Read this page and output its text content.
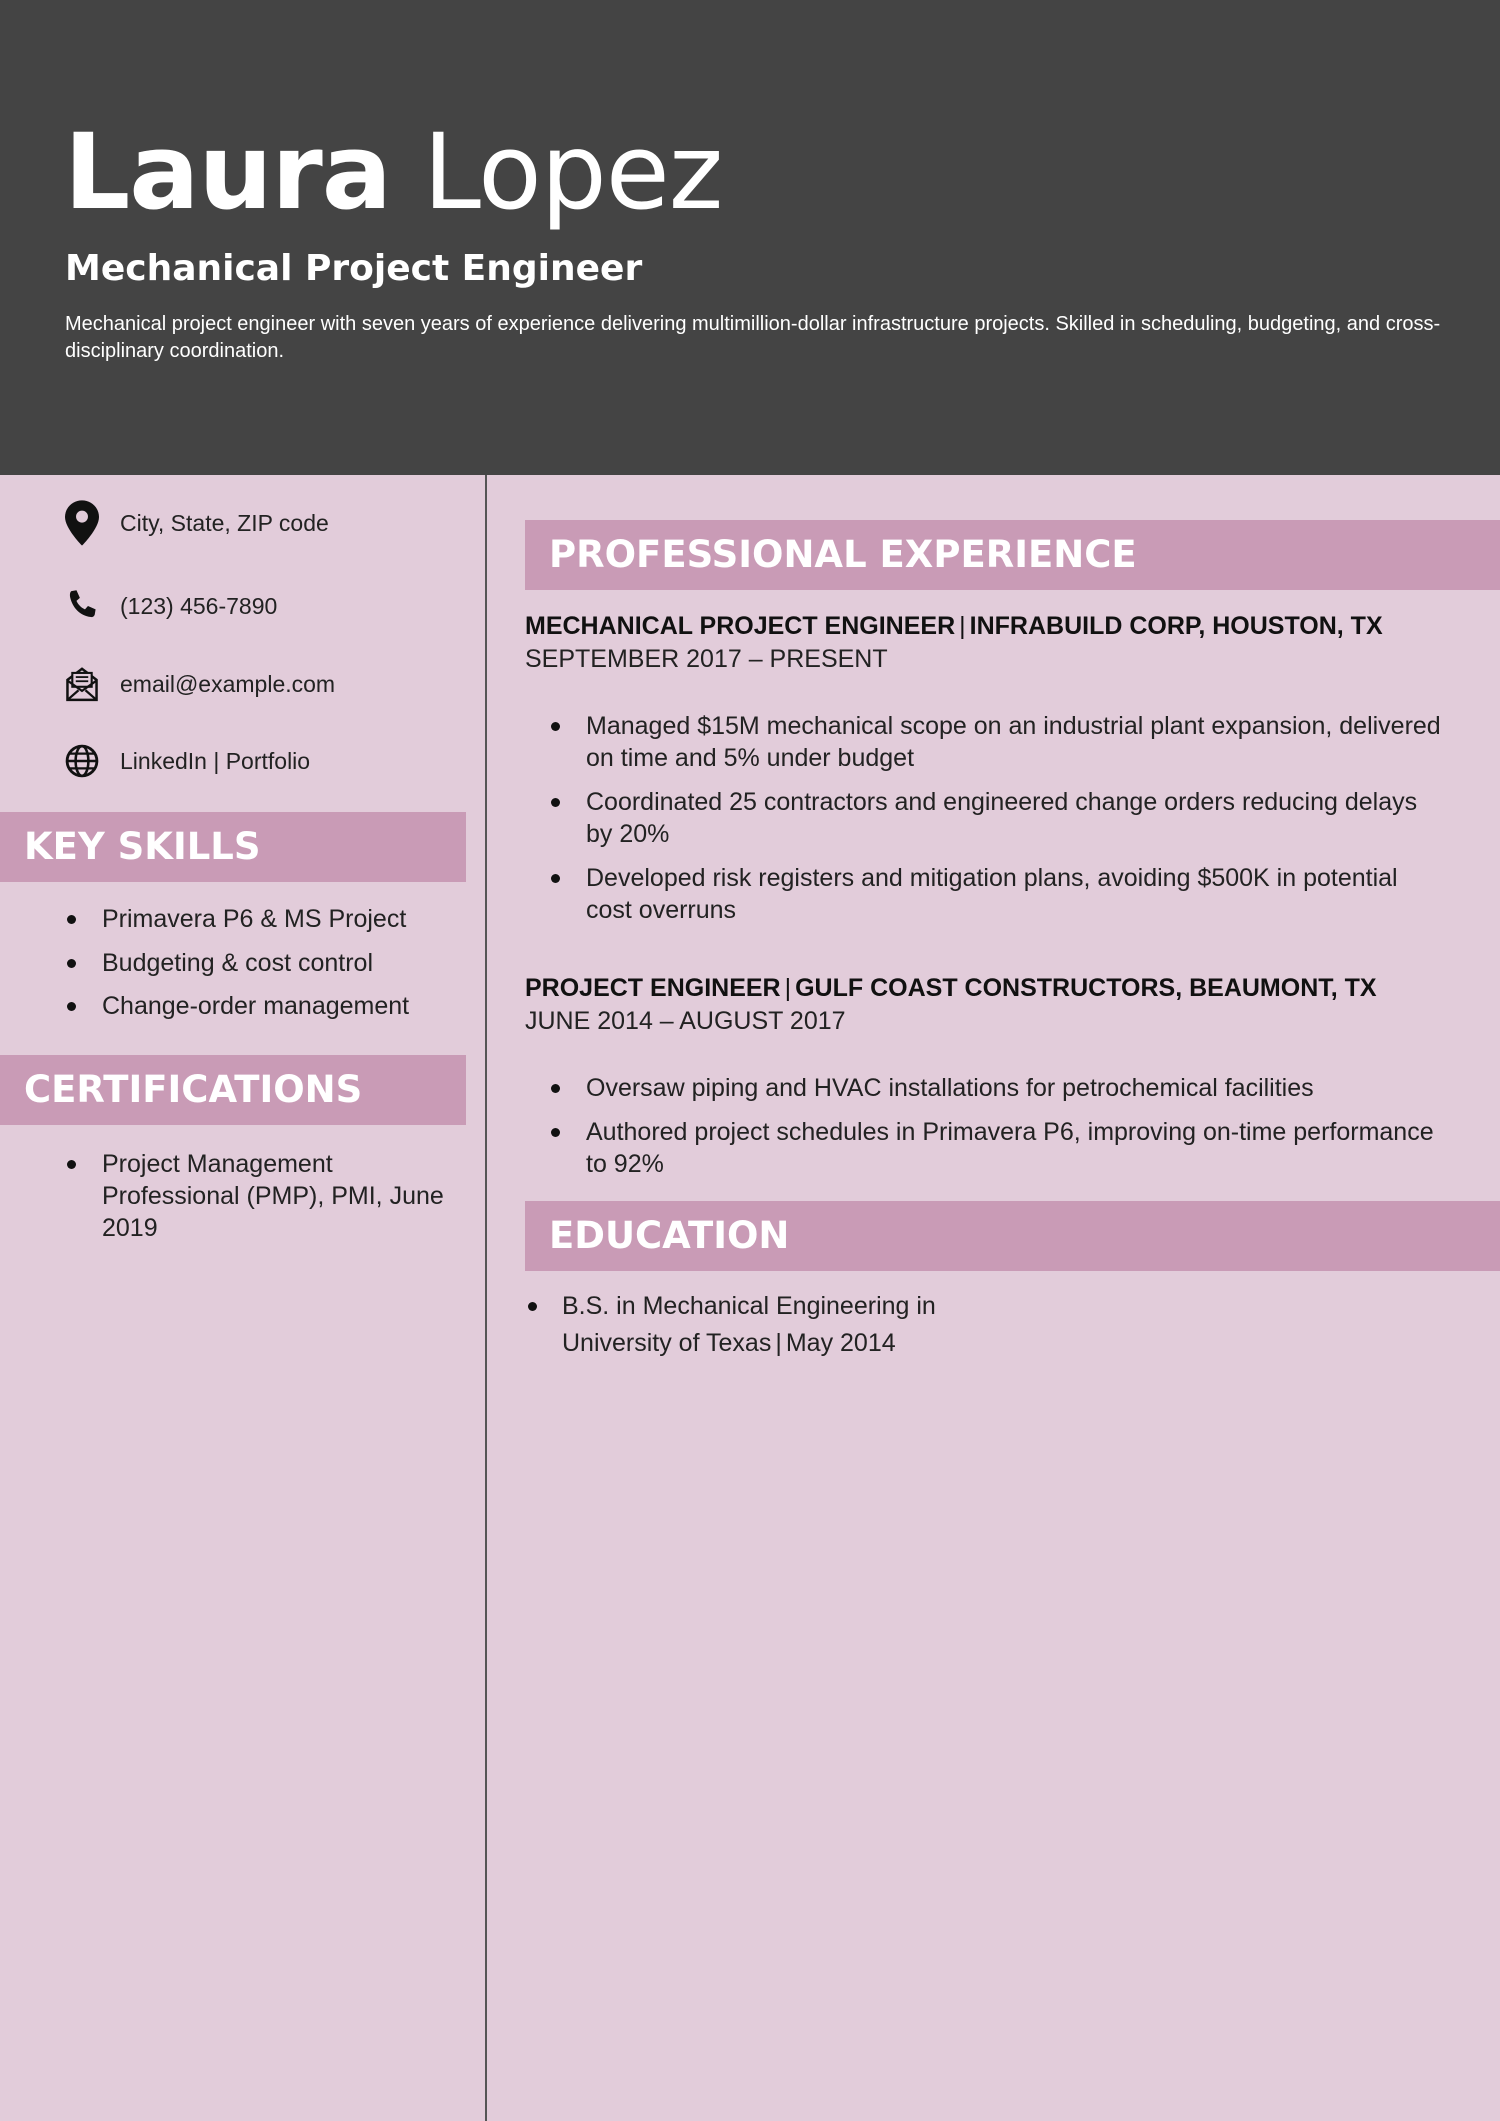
Laura Lopez
Mechanical Project Engineer
Mechanical project engineer with seven years of experience delivering multimillion-dollar infrastructure projects. Skilled in scheduling, budgeting, and cross-disciplinary coordination.
City, State, ZIP code
(123) 456-7890
email@example.com
LinkedIn | Portfolio
KEY SKILLS
Primavera P6 & MS Project
Budgeting & cost control
Change-order management
CERTIFICATIONS
Project Management Professional (PMP), PMI, June 2019
PROFESSIONAL EXPERIENCE
MECHANICAL PROJECT ENGINEER | INFRABUILD CORP, HOUSTON, TX
SEPTEMBER 2017 – PRESENT
Managed $15M mechanical scope on an industrial plant expansion, delivered on time and 5% under budget
Coordinated 25 contractors and engineered change orders reducing delays by 20%
Developed risk registers and mitigation plans, avoiding $500K in potential cost overruns
PROJECT ENGINEER | GULF COAST CONSTRUCTORS, BEAUMONT, TX
JUNE 2014 – AUGUST 2017
Oversaw piping and HVAC installations for petrochemical facilities
Authored project schedules in Primavera P6, improving on-time performance to 92%
EDUCATION
B.S. in Mechanical Engineering in
University of Texas | May 2014
